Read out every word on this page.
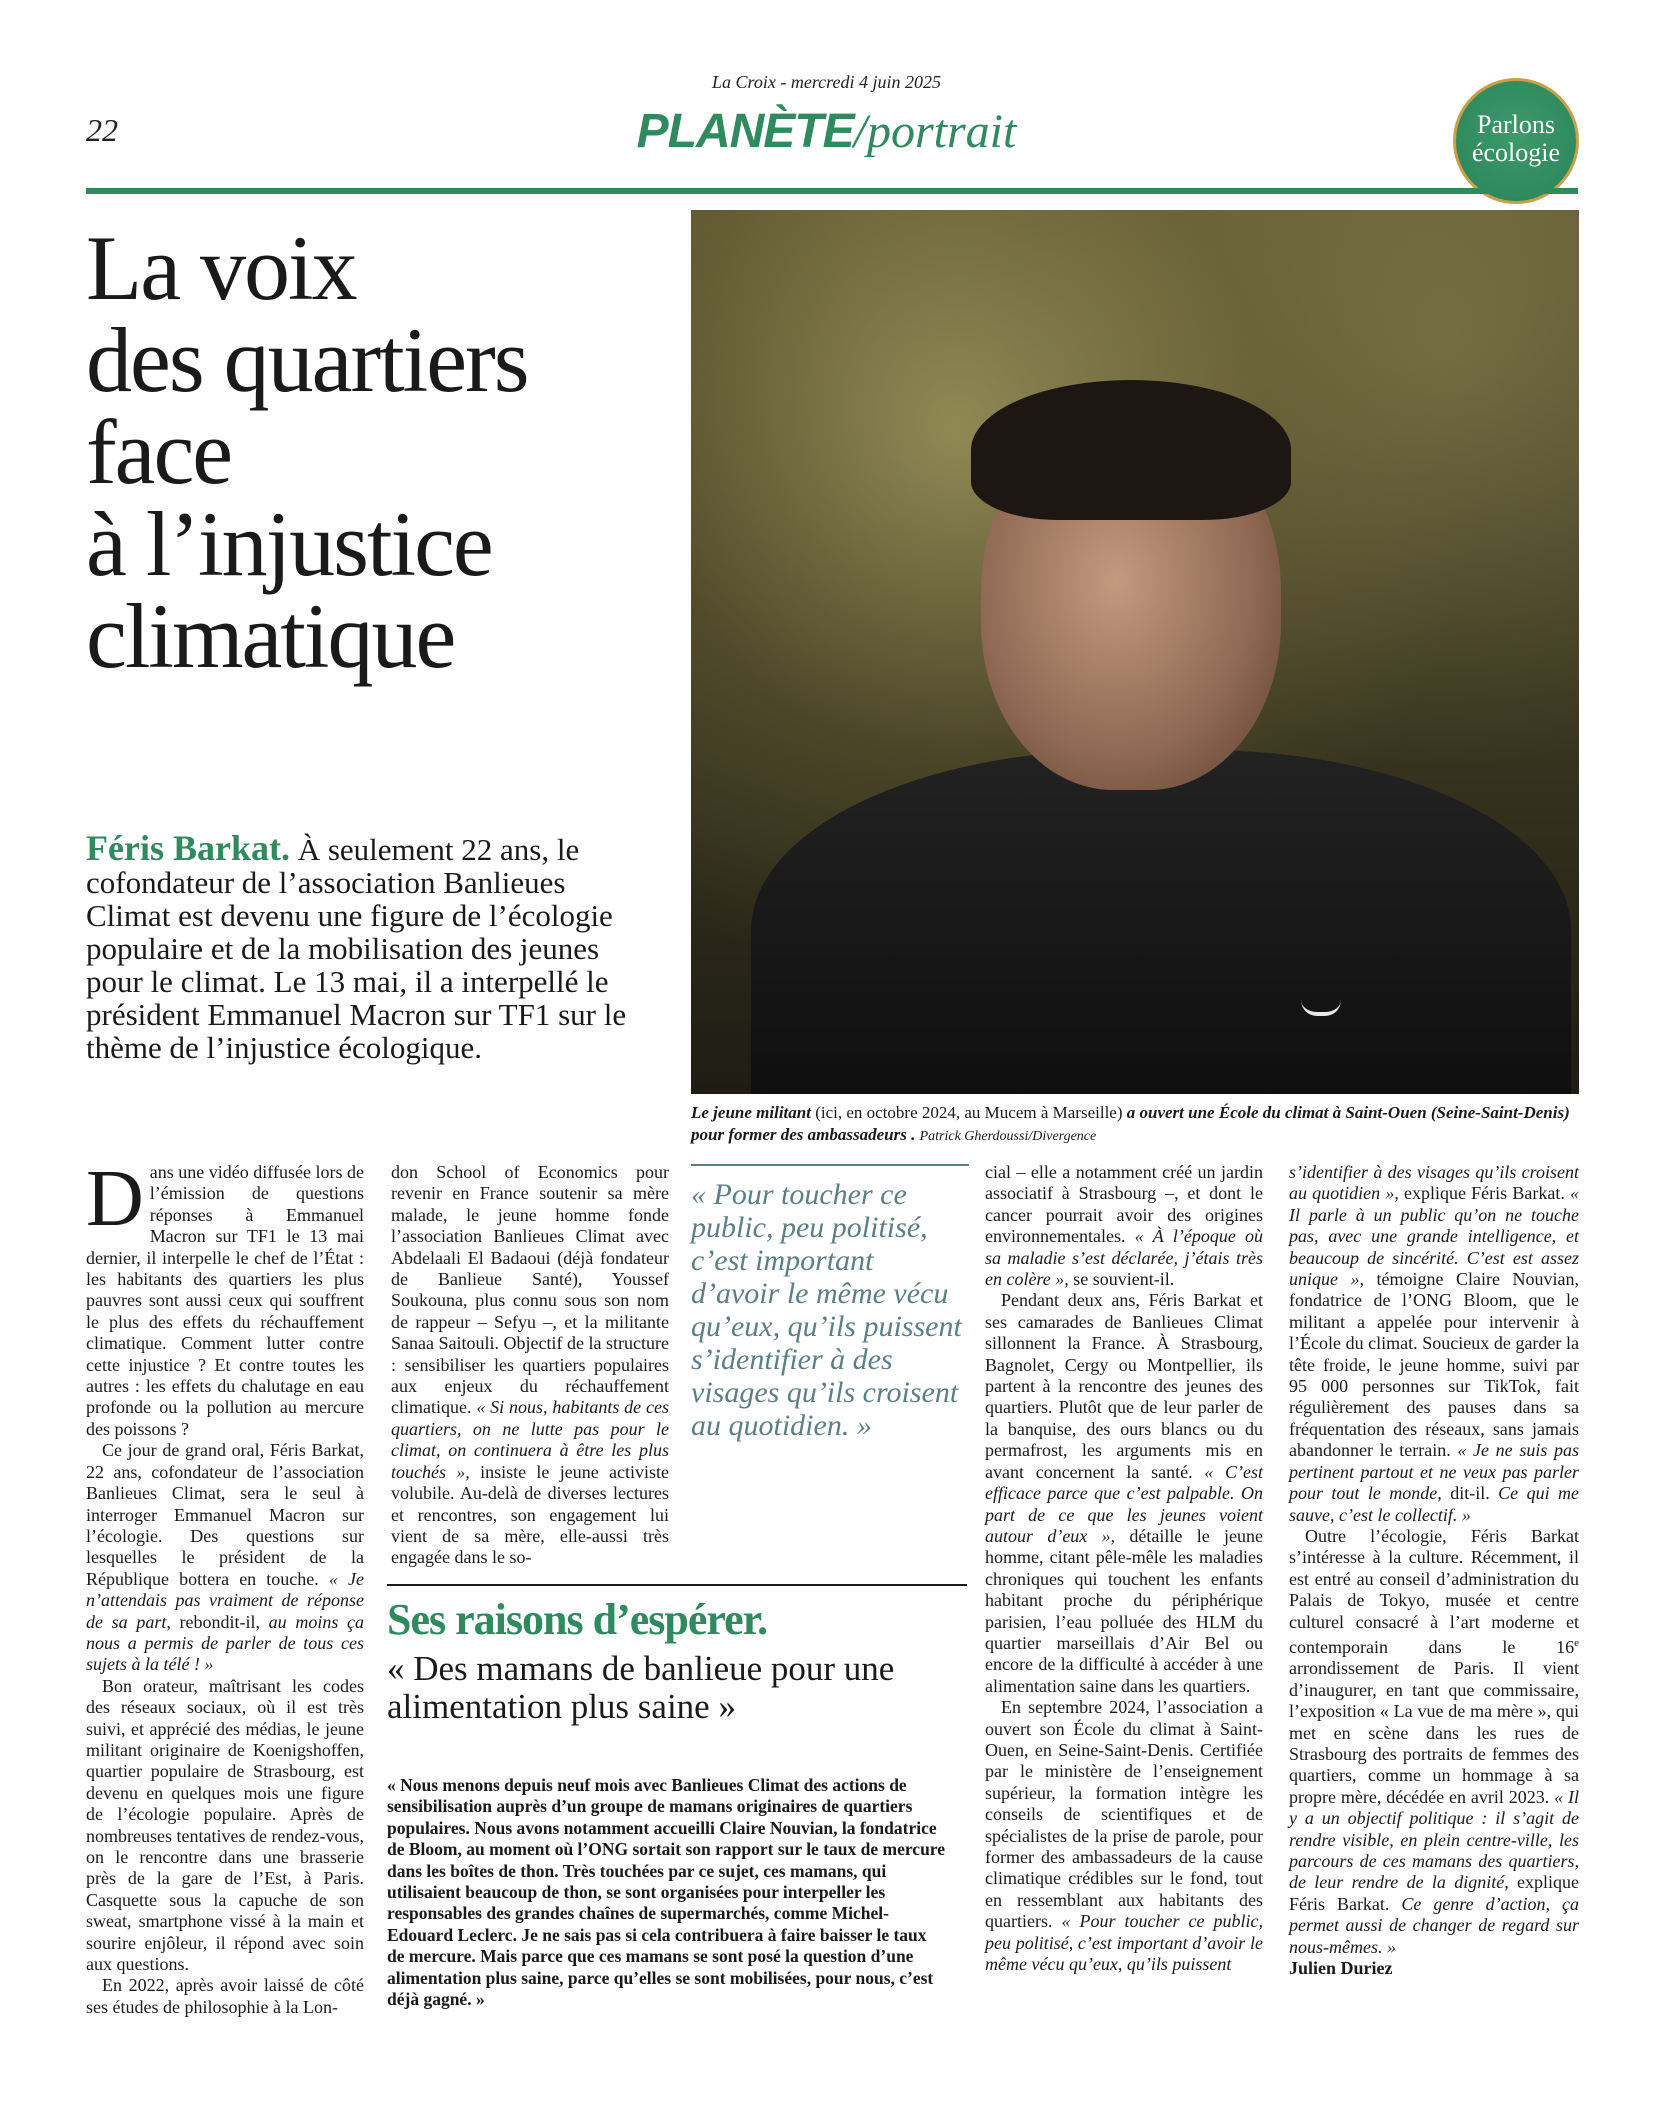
La Croix - mercredi 4 juin 2025
22	PLANÈTE/portrait	Parlons
écologie
La voix
des quartiers
face
à l’injustice
climatique
Féris Barkat. À seulement 22 ans, le cofondateur de l’association Banlieues Climat est devenu une figure de l’écologie populaire et de la mobilisation des jeunes pour le climat. Le 13 mai, il a interpellé le président Emmanuel Macron sur TF1 sur le thème de l’injustice écologique.
Le jeune militant (ici, en octobre 2024, au Mucem à Marseille) a ouvert une École du climat à Saint-Ouen (Seine-Saint-Denis) pour former des ambassadeurs . Patrick Gherdoussi/Divergence

Dans une vidéo diffusée lors de l’émission de questions réponses à Emmanuel Macron sur TF1 le 13 mai dernier, il interpelle le chef de l’État : les habitants des quartiers les plus pauvres sont aussi ceux qui souffrent le plus des effets du réchauffement climatique. Comment lutter contre cette injustice ? Et contre toutes les autres : les effets du chalutage en eau profonde ou la pollution au mercure des poissons ?

Ce jour de grand oral, Féris Barkat, 22 ans, cofondateur de l’association Banlieues Climat, sera le seul à interroger Emmanuel Macron sur l’écologie. Des questions sur lesquelles le président de la République bottera en touche. « Je n’attendais pas vraiment de réponse de sa part, rebondit-il, au moins ça nous a permis de parler de tous ces sujets à la télé ! »

Bon orateur, maîtrisant les codes des réseaux sociaux, où il est très suivi, et apprécié des médias, le jeune militant originaire de Koenigshoffen, quartier populaire de Strasbourg, est devenu en quelques mois une figure de l’écologie populaire. Après de nombreuses tentatives de rendez-vous, on le rencontre dans une brasserie près de la gare de l’Est, à Paris. Casquette sous la capuche de son sweat, smartphone vissé à la main et sourire enjôleur, il répond avec soin aux questions.

En 2022, après avoir laissé de côté ses études de philosophie à la Lon-

don School of Economics pour revenir en France soutenir sa mère malade, le jeune homme fonde l’association Banlieues Climat avec Abdelaali El Badaoui (déjà fondateur de Banlieue Santé), Youssef Soukouna, plus connu sous son nom de rappeur – Sefyu –, et la militante Sanaa Saitouli. Objectif de la structure : sensibiliser les quartiers populaires aux enjeux du réchauffement climatique. « Si nous, habitants de ces quartiers, on ne lutte pas pour le climat, on continuera à être les plus touchés », insiste le jeune activiste volubile. Au-delà de diverses lectures et rencontres, son engagement lui vient de sa mère, elle-aussi très engagée dans le so-

« Pour toucher ce public, peu politisé, c’est important d’avoir le même vécu qu’eux, qu’ils puissent s’identifier à des visages qu’ils croisent au quotidien. »
Ses raisons d’espérer.
« Des mamans de banlieue pour une alimentation plus saine »
« Nous menons depuis neuf mois avec Banlieues Climat des actions de sensibilisation auprès d’un groupe de mamans originaires de quartiers populaires. Nous avons notamment accueilli Claire Nouvian, la fondatrice de Bloom, au moment où l’ONG sortait son rapport sur le taux de mercure dans les boîtes de thon. Très touchées par ce sujet, ces mamans, qui utilisaient beaucoup de thon, se sont organisées pour interpeller les responsables des grandes chaînes de supermarchés, comme Michel-Edouard Leclerc. Je ne sais pas si cela contribuera à faire baisser le taux de mercure. Mais parce que ces mamans se sont posé la question d’une alimentation plus saine, parce qu’elles se sont mobilisées, pour nous, c’est déjà gagné. »

cial – elle a notamment créé un jardin associatif à Strasbourg –, et dont le cancer pourrait avoir des origines environnementales. « À l’époque où sa maladie s’est déclarée, j’étais très en colère », se souvient-il.

Pendant deux ans, Féris Barkat et ses camarades de Banlieues Climat sillonnent la France. À Strasbourg, Bagnolet, Cergy ou Montpellier, ils partent à la rencontre des jeunes des quartiers. Plutôt que de leur parler de la banquise, des ours blancs ou du permafrost, les arguments mis en avant concernent la santé. « C’est efficace parce que c’est palpable. On part de ce que les jeunes voient autour d’eux », détaille le jeune homme, citant pêle-mêle les maladies chroniques qui touchent les enfants habitant proche du périphérique parisien, l’eau polluée des HLM du quartier marseillais d’Air Bel ou encore de la difficulté à accéder à une alimentation saine dans les quartiers.

En septembre 2024, l’association a ouvert son École du climat à Saint-Ouen, en Seine-Saint-Denis. Certifiée par le ministère de l’enseignement supérieur, la formation intègre les conseils de scientifiques et de spécialistes de la prise de parole, pour former des ambassadeurs de la cause climatique crédibles sur le fond, tout en ressemblant aux habitants des quartiers. « Pour toucher ce public, peu politisé, c’est important d’avoir le même vécu qu’eux, qu’ils puissent

s’identifier à des visages qu’ils croisent au quotidien », explique Féris Barkat. « Il parle à un public qu’on ne touche pas, avec une grande intelligence, et beaucoup de sincérité. C’est est assez unique », témoigne Claire Nouvian, fondatrice de l’ONG Bloom, que le militant a appelée pour intervenir à l’École du climat. Soucieux de garder la tête froide, le jeune homme, suivi par 95 000 personnes sur TikTok, fait régulièrement des pauses dans sa fréquentation des réseaux, sans jamais abandonner le terrain. « Je ne suis pas pertinent partout et ne veux pas parler pour tout le monde, dit-il. Ce qui me sauve, c’est le collectif. »

Outre l’écologie, Féris Barkat s’intéresse à la culture. Récemment, il est entré au conseil d’administration du Palais de Tokyo, musée et centre culturel consacré à l’art moderne et contemporain dans le 16e arrondissement de Paris. Il vient d’inaugurer, en tant que commissaire, l’exposition « La vue de ma mère », qui met en scène dans les rues de Strasbourg des portraits de femmes des quartiers, comme un hommage à sa propre mère, décédée en avril 2023. « Il y a un objectif politique : il s’agit de rendre visible, en plein centre-ville, les parcours de ces mamans des quartiers, de leur rendre de la dignité, explique Féris Barkat. Ce genre d’action, ça permet aussi de changer de regard sur nous-mêmes. »

Julien Duriez
